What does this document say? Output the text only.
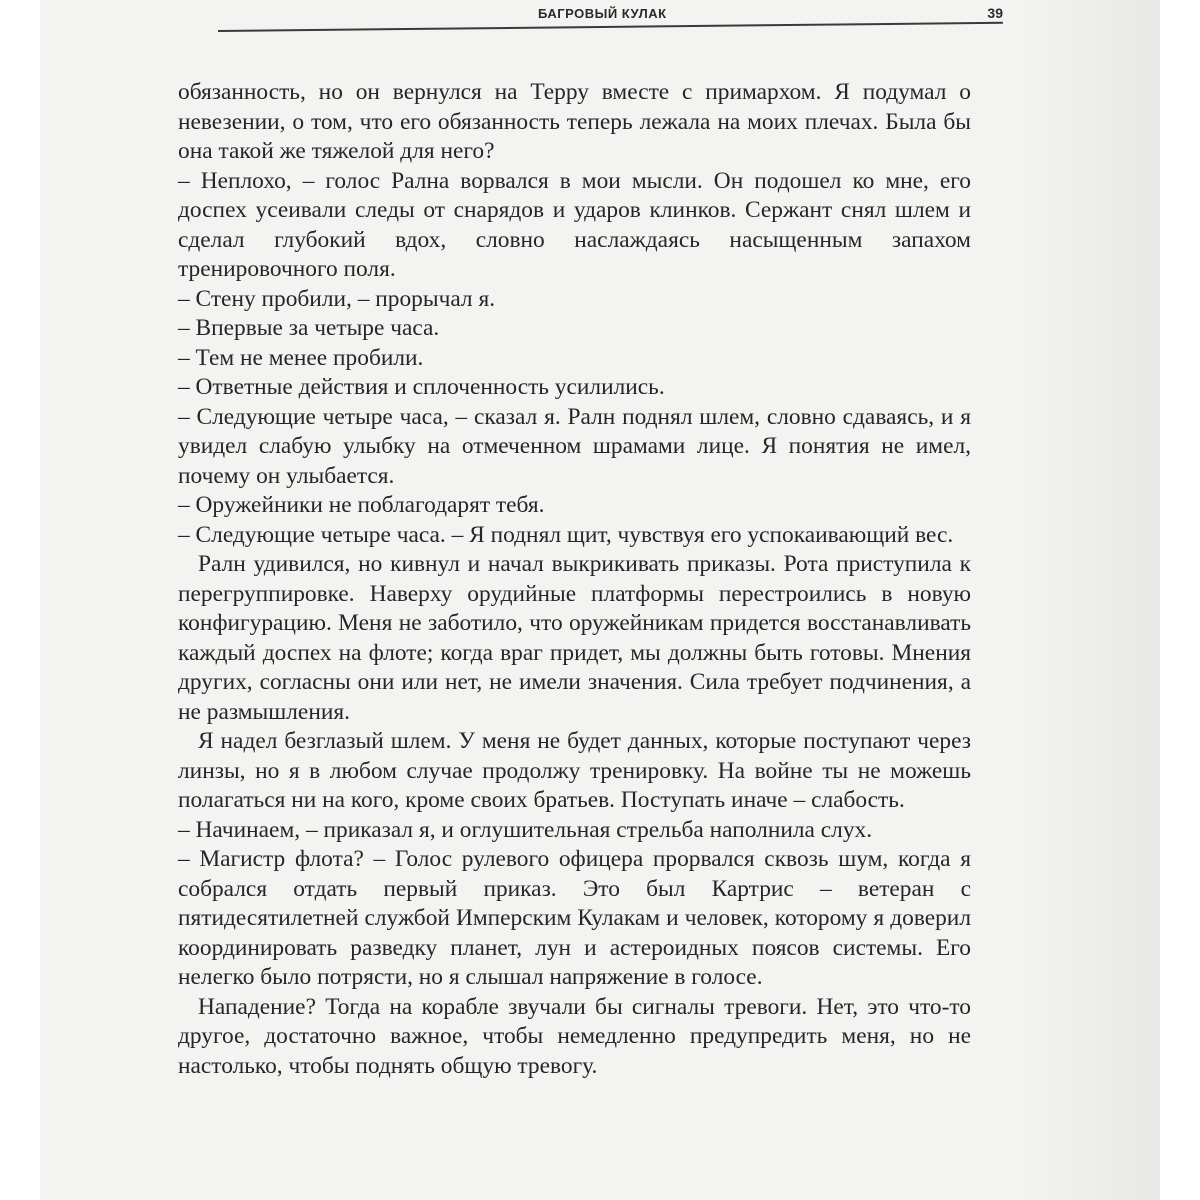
БАГРОВЫЙ КУЛАК	39

обязанность, но он вернулся на Терру вместе с примархом. Я подумал о невезении, о том, что его обязанность теперь лежала на моих плечах. Была бы она такой же тяжелой для него?

– Неплохо, – голос Рална ворвался в мои мысли. Он подошел ко мне, его доспех усеивали следы от снарядов и ударов клинков. Сержант снял шлем и сделал глубокий вдох, словно наслаждаясь насыщенным запахом тренировочного поля.

– Стену пробили, – прорычал я.

– Впервые за четыре часа.

– Тем не менее пробили.

– Ответные действия и сплоченность усилились.

– Следующие четыре часа, – сказал я. Ралн поднял шлем, словно сдаваясь, и я увидел слабую улыбку на отмеченном шрамами лице. Я понятия не имел, почему он улыбается.

– Оружейники не поблагодарят тебя.

– Следующие четыре часа. – Я поднял щит, чувствуя его успокаивающий вес.

Ралн удивился, но кивнул и начал выкрикивать приказы. Рота приступила к перегруппировке. Наверху орудийные платформы перестроились в новую конфигурацию. Меня не заботило, что оружейникам придется восстанавливать каждый доспех на флоте; когда враг придет, мы должны быть готовы. Мнения других, согласны они или нет, не имели значения. Сила требует подчинения, а не размышления.

Я надел безглазый шлем. У меня не будет данных, которые поступают через линзы, но я в любом случае продолжу тренировку. На войне ты не можешь полагаться ни на кого, кроме своих братьев. Поступать иначе – слабость.

– Начинаем, – приказал я, и оглушительная стрельба наполнила слух.

– Магистр флота? – Голос рулевого офицера прорвался сквозь шум, когда я собрался отдать первый приказ. Это был Картрис – ветеран с пятидесятилетней службой Имперским Кулакам и человек, которому я доверил координировать разведку планет, лун и астероидных поясов системы. Его нелегко было потрясти, но я слышал напряжение в голосе.

Нападение? Тогда на корабле звучали бы сигналы тревоги. Нет, это что-то другое, достаточно важное, чтобы немедленно предупредить меня, но не настолько, чтобы поднять общую тревогу.
